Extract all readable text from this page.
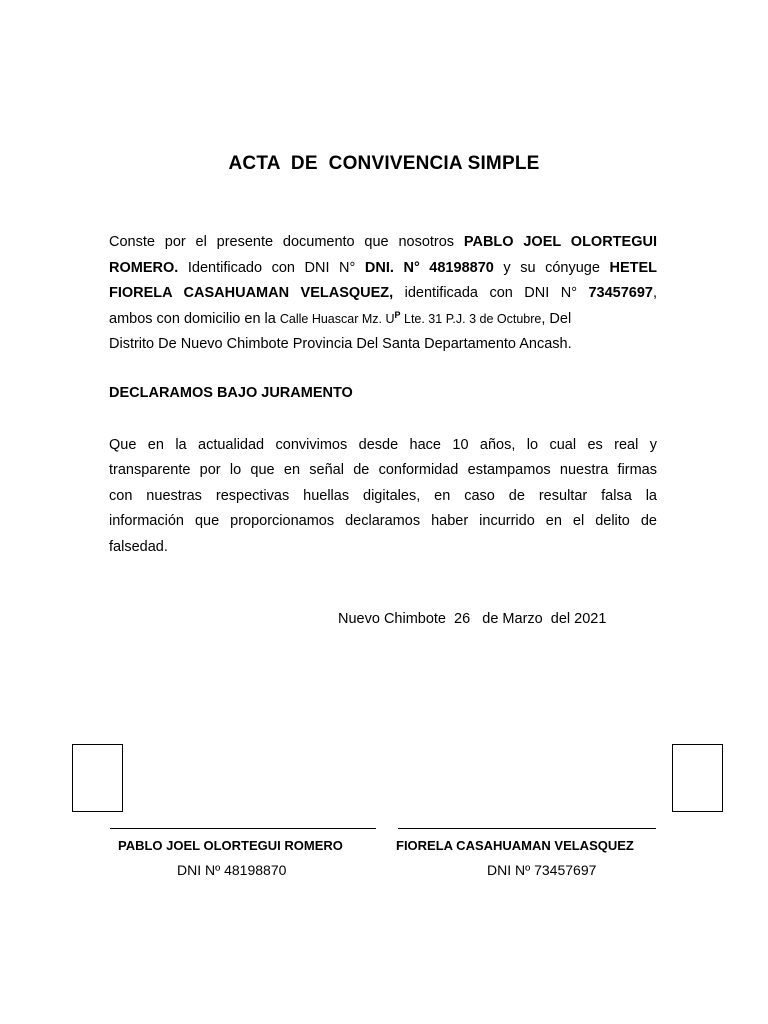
ACTA  DE  CONVIVENCIA SIMPLE
Conste por el presente documento que nosotros PABLO JOEL OLORTEGUI
ROMERO. Identificado con DNI N° DNI. N° 48198870 y su cónyuge HETEL
FIORELA CASAHUAMAN VELASQUEZ, identificada con DNI N° 73457697,
ambos con domicilio en la Calle Huascar Mz. $U^P$ Lte. 31 P.J. 3 de Octubre, Del
Distrito De Nuevo Chimbote Provincia Del Santa Departamento Ancash.
DECLARAMOS BAJO JURAMENTO
Que en la actualidad convivimos desde hace 10 años, lo cual es real y
transparente por lo que en señal de conformidad estampamos nuestra firmas
con nuestras respectivas huellas digitales, en caso de resultar falsa la
información que proporcionamos declaramos haber incurrido en el delito de
falsedad.
Nuevo Chimbote  26   de Marzo  del 2021
PABLO JOEL OLORTEGUI ROMERO	FIORELA CASAHUAMAN VELASQUEZ
DNI Nº 48198870	DNI Nº 73457697
